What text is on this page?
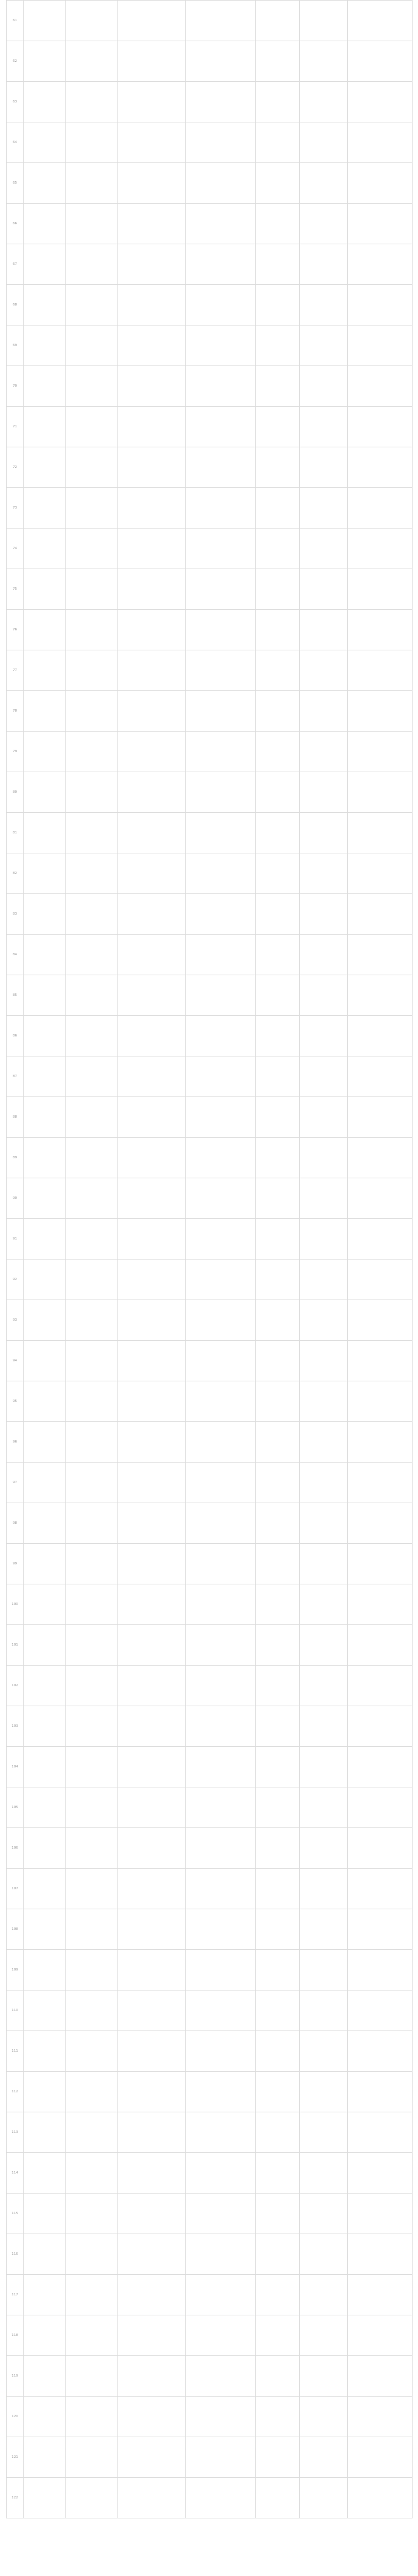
61							
62							
63							
64							
65							
66							
67							
68							
69							
70							
71							
72							
73							
74							
75							
76							
77							
78							
79							
80							
81							
82							
83							
84							
85							
86							
87							
88							
89							
90							
91							
92							
93							
94							
95							
96							
97							
98							
99							
100							
101							
102							
103							
104							
105							
106							
107							
108							
109							
110							
111							
112							
113							
114							
115							
116							
117							
118							
119							
120							
121							
122							
